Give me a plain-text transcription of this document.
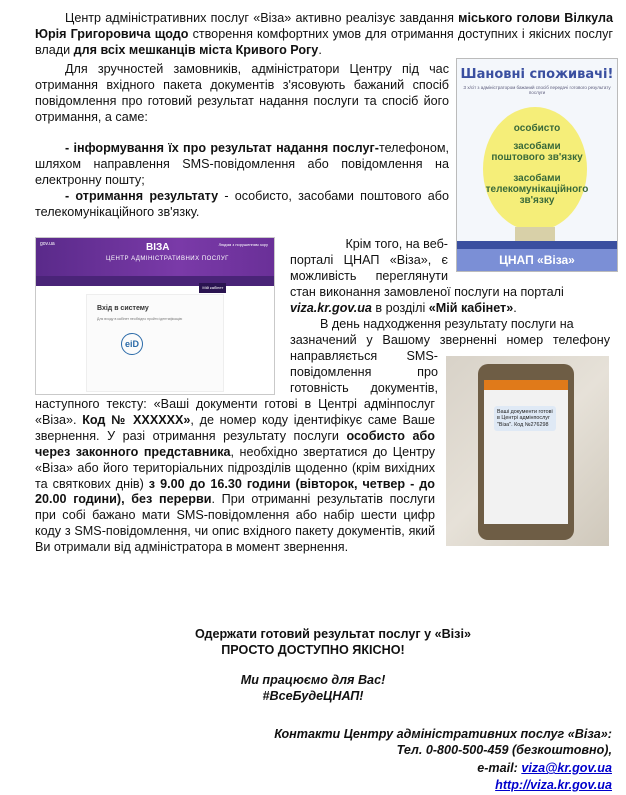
Центр адміністративних послуг «Віза» активно реалізує завдання міського голови Вілкула Юрія Григоровича щодо створення комфортних умов для отримання доступних і якісних послуг влади для всіх мешканців міста Кривого Рогу.
Для зручностей замовників, адміністратори Центру під час отримання вхідного пакета документів з'ясовують бажаний спосіб повідомлення про готовий результат надання послуги та спосіб його отримання, а саме:
- інформування їх про результат надання послуг-телефоном, шляхом направлення SMS-повідомлення або повідомлення на електронну пошту;
- отримання результату - особисто, засобами поштового або телекомунікаційного зв'язку.
Шановні споживачі!
З х/сіт з адміністратором бажаний спосіб передачі готового результату послуги
особисто
засобами поштового зв'язку
засобами телекомунікаційного зв'язку
ЦНАП «Віза»
gov.ua	ВІЗА
ЦЕНТР АДМІНІСТРАТИВНИХ ПОСЛУГ
Людям з порушенням зору
Про Центр	Послуги	Новини	Мої Мобільні	Зворотній зв'язок	Мій кабінет
Вхід в систему
Для входу в кабінет необхідно пройти ідентифікацію
eiD
Крім того, на веб-
порталі ЦНАП «Віза», є
можливість переглянути
стан виконання замовленої послуги на порталі
viza.kr.gov.ua в розділі «Мій кабінет».
В день надходження результату послуги на
зазначений у Вашому зверненні номер телефону
направляється SMS-
повідомлення про
готовність документів,
Ваші документи готові в Центрі адмінпослуг "Віза". Код №276298
наступного тексту: «Ваші документи готові в Центрі адмінпослуг «Віза». Код № ХХХХХХ», де номер коду ідентифікує саме Ваше звернення. У разі отримання результату послуги особисто або через законного представника, необхідно звертатися до Центру «Віза» або його територіальних підрозділів щоденно (крім вихідних та святкових днів) з 9.00 до 16.30 години (вівторок, четвер - до 20.00 години), без перерви. При отриманні результатів послуги при собі бажано мати SMS-повідомлення або набір шести цифр коду з SMS-повідомлення, чи опис вхідного пакету документів, який Ви отримали від адміністратора в момент звернення.
Одержати готовий результат послуг у «Візі»
ПРОСТО ДОСТУПНО ЯКІСНО!
Ми працюємо для Вас!
#ВсеБудеЦНАП!
Контакти Центру адміністративних послуг «Віза»:
Тел. 0-800-500-459 (безкоштовно),
e-mail: viza@kr.gov.ua
http://viza.kr.gov.ua
